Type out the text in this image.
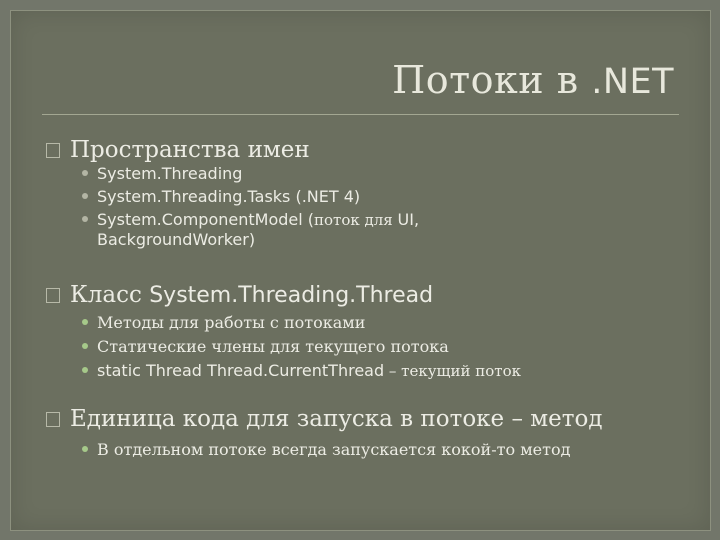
Потоки в .NET
Пространства имен
System.Threading
System.Threading.Tasks (.NET 4)
System.ComponentModel (поток для UI,
BackgroundWorker)
Класс System.Threading.Thread
Методы для работы с потоками
Статические члены для текущего потока
static Thread Thread.CurrentThread – текущий поток
Единица кода для запуска в потоке – метод
В отдельном потоке всегда запускается кокой-то метод
